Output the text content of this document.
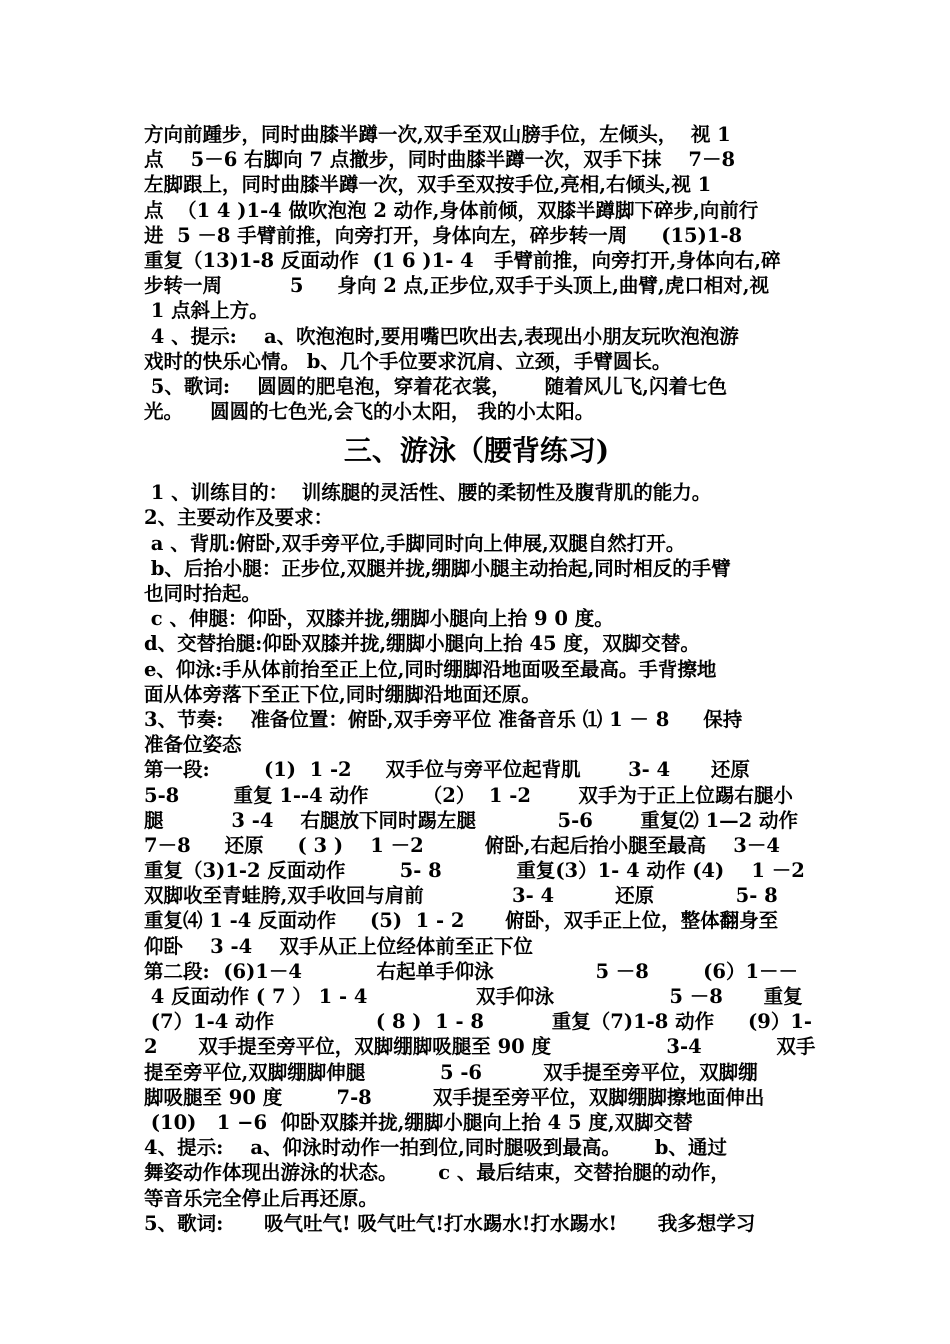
方向前踵步，同时曲膝半蹲一次,双手至双山膀手位，左倾头，  视 1
点    5－6 右脚向 7 点撤步，同时曲膝半蹲一次，双手下抹    7－8
左脚跟上，同时曲膝半蹲一次，双手至双按手位,亮相,右倾头,视 1
点  （1 4 )1-4 做吹泡泡 2 动作,身体前倾，双膝半蹲脚下碎步,向前行
进  5 －8 手臂前推，向旁打开，身体向左，碎步转一周     (15)1-8
重复（13)1-8 反面动作  (1 6 )1- 4   手臂前推，向旁打开,身体向右,碎
步转一周          5     身向 2 点,正步位,双手于头顶上,曲臂,虎口相对,视
1 点斜上方。
4 、提示:    a、吹泡泡时,要用嘴巴吹出去,表现出小朋友玩吹泡泡游
戏时的快乐心情。 b、几个手位要求沉肩、立颈，手臂圆长。
5、歌词:    圆圆的肥皂泡，穿着花衣裳，     随着风儿飞,闪着七色
光。    圆圆的七色光,会飞的小太阳， 我的小太阳。
三、游泳（腰背练习)
1 、训练目的：  训练腿的灵活性、腰的柔韧性及腹背肌的能力。
2、主要动作及要求：
a 、背肌:俯卧,双手旁平位,手脚同时向上伸展,双腿自然打开。
b、后抬小腿：正步位,双腿并拢,绷脚小腿主动抬起,同时相反的手臂
也同时抬起。
c 、伸腿：仰卧，双膝并拢,绷脚小腿向上抬 9 0 度。
d、交替抬腿:仰卧双膝并拢,绷脚小腿向上抬 45 度，双脚交替。
e、仰泳:手从体前抬至正上位,同时绷脚沿地面吸至最高。手背擦地
面从体旁落下至正下位,同时绷脚沿地面还原。
3、节奏:    准备位置：俯卧,双手旁平位 准备音乐 ⑴ 1 － 8     保持
准备位姿态
第一段:        (1)  1 -2     双手位与旁平位起背肌       3- 4      还原
5-8        重复 1--4 动作        （2）  1 -2       双手为于正上位踢右腿小
腿          3 -4    右腿放下同时踢左腿            5-6       重复⑵ 1—2 动作
7－8     还原     ( 3 )    1 －2         俯卧,右起后抬小腿至最高    3－4
重复（3)1-2 反面动作        5- 8           重复(3）1- 4 动作 (4)    1 －2
双脚收至青蛙胯,双手收回与肩前             3- 4         还原            5- 8
重复⑷ 1 -4 反面动作     (5)  1 - 2      俯卧，双手正上位，整体翻身至
仰卧    3 -4    双手从正上位经体前至正下位
第二段:  (6)1－4           右起单手仰泳               5 －8        (6）1－－
4 反面动作 ( 7 ） 1 - 4                双手仰泳                 5 －8      重复
(7）1-4 动作               ( 8 )  1 - 8          重复（7)1-8 动作     (9）1-
2      双手提至旁平位，双脚绷脚吸腿至 90 度                 3-4           双手
提至旁平位,双脚绷脚伸腿           5 -6         双手提至旁平位，双脚绷
脚吸腿至 90 度        7-8         双手提至旁平位，双脚绷脚擦地面伸出
(10)   1 −6  仰卧双膝并拢,绷脚小腿向上抬 4 5 度,双脚交替
4、提示:    a、仰泳时动作一拍到位,同时腿吸到最高。     b、通过
舞姿动作体现出游泳的状态。      c 、最后结束，交替抬腿的动作，
等音乐完全停止后再还原。
5、歌词:      吸气吐气! 吸气吐气!打水踢水!打水踢水!      我多想学习
